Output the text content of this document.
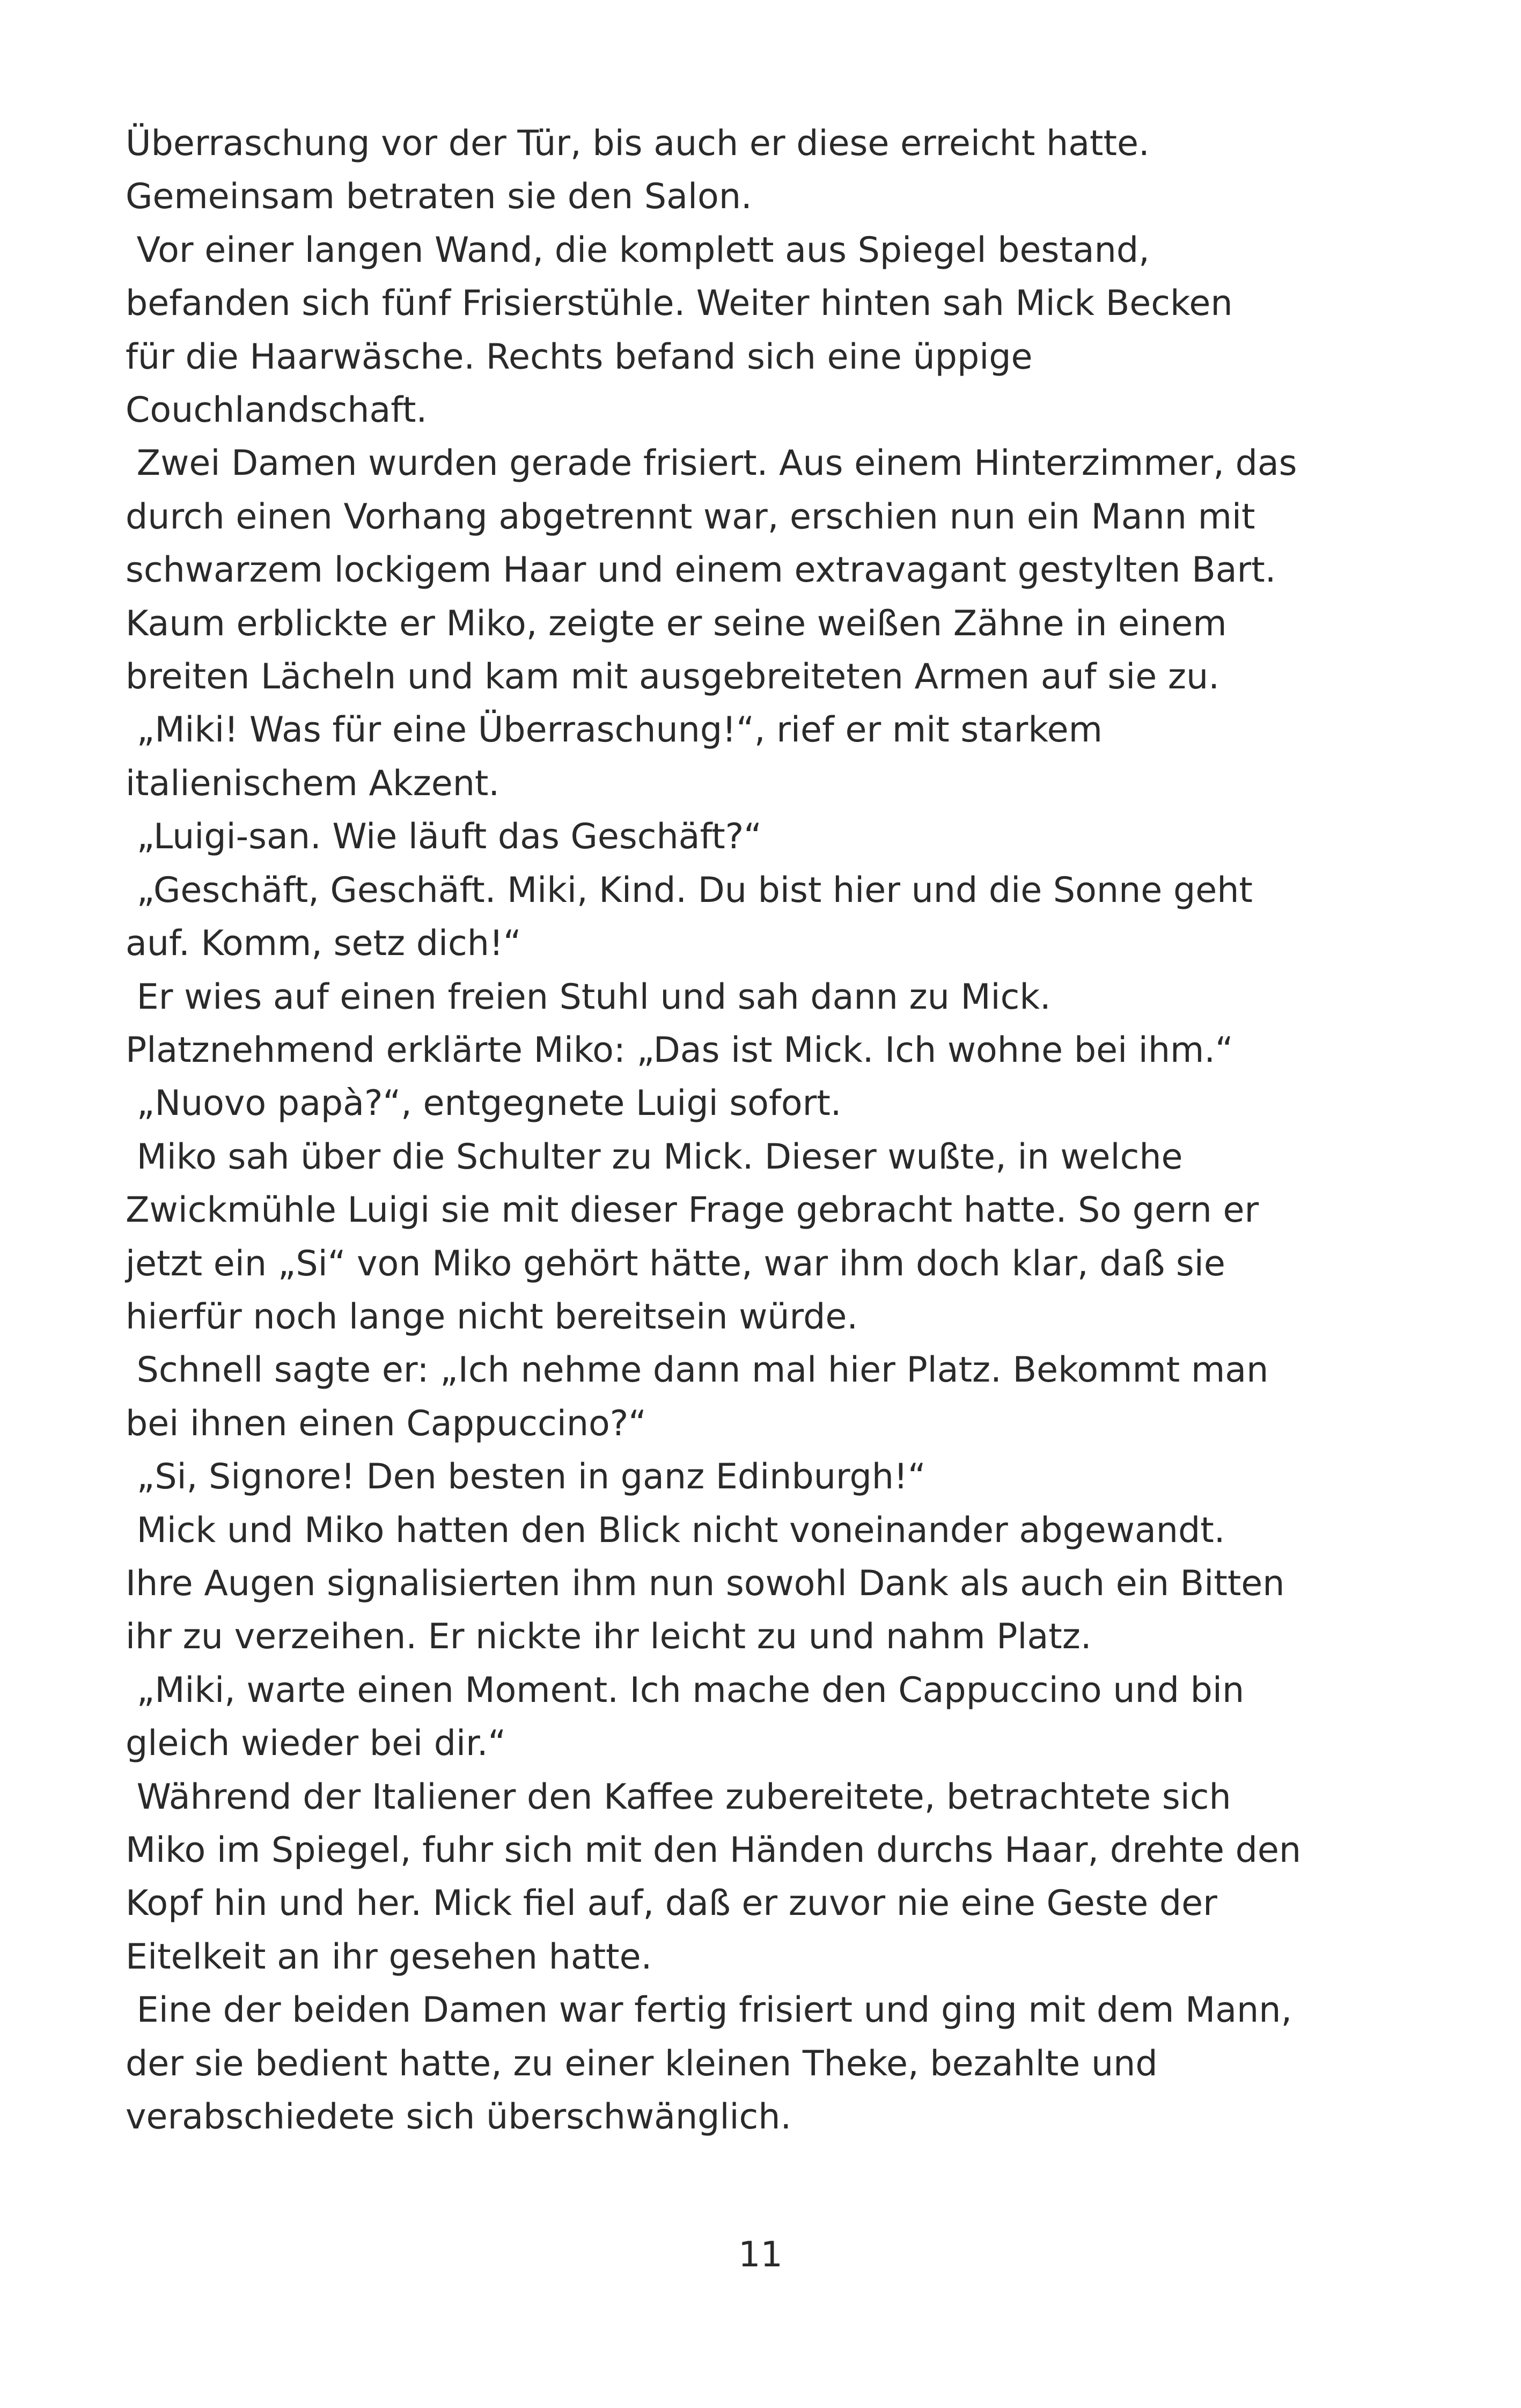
Überraschung vor der Tür, bis auch er diese erreicht hatte.
Gemeinsam betraten sie den Salon.
Vor einer langen Wand, die komplett aus Spiegel bestand,
befanden sich fünf Frisierstühle. Weiter hinten sah Mick Becken
für die Haarwäsche. Rechts befand sich eine üppige
Couchlandschaft.
Zwei Damen wurden gerade frisiert. Aus einem Hinterzimmer, das
durch einen Vorhang abgetrennt war, erschien nun ein Mann mit
schwarzem lockigem Haar und einem extravagant gestylten Bart.
Kaum erblickte er Miko, zeigte er seine weißen Zähne in einem
breiten Lächeln und kam mit ausgebreiteten Armen auf sie zu.
„Miki! Was für eine Überraschung!“, rief er mit starkem
italienischem Akzent.
„Luigi-san. Wie läuft das Geschäft?“
„Geschäft, Geschäft. Miki, Kind. Du bist hier und die Sonne geht
auf. Komm, setz dich!“
Er wies auf einen freien Stuhl und sah dann zu Mick.
Platznehmend erklärte Miko: „Das ist Mick. Ich wohne bei ihm.“
„Nuovo papà?“, entgegnete Luigi sofort.
Miko sah über die Schulter zu Mick. Dieser wußte, in welche
Zwickmühle Luigi sie mit dieser Frage gebracht hatte. So gern er
jetzt ein „Si“ von Miko gehört hätte, war ihm doch klar, daß sie
hierfür noch lange nicht bereitsein würde.
Schnell sagte er: „Ich nehme dann mal hier Platz. Bekommt man
bei ihnen einen Cappuccino?“
„Si, Signore! Den besten in ganz Edinburgh!“
Mick und Miko hatten den Blick nicht voneinander abgewandt.
Ihre Augen signalisierten ihm nun sowohl Dank als auch ein Bitten
ihr zu verzeihen. Er nickte ihr leicht zu und nahm Platz.
„Miki, warte einen Moment. Ich mache den Cappuccino und bin
gleich wieder bei dir.“
Während der Italiener den Kaffee zubereitete, betrachtete sich
Miko im Spiegel, fuhr sich mit den Händen durchs Haar, drehte den
Kopf hin und her. Mick fiel auf, daß er zuvor nie eine Geste der
Eitelkeit an ihr gesehen hatte.
Eine der beiden Damen war fertig frisiert und ging mit dem Mann,
der sie bedient hatte, zu einer kleinen Theke, bezahlte und
verabschiedete sich überschwänglich.
11
